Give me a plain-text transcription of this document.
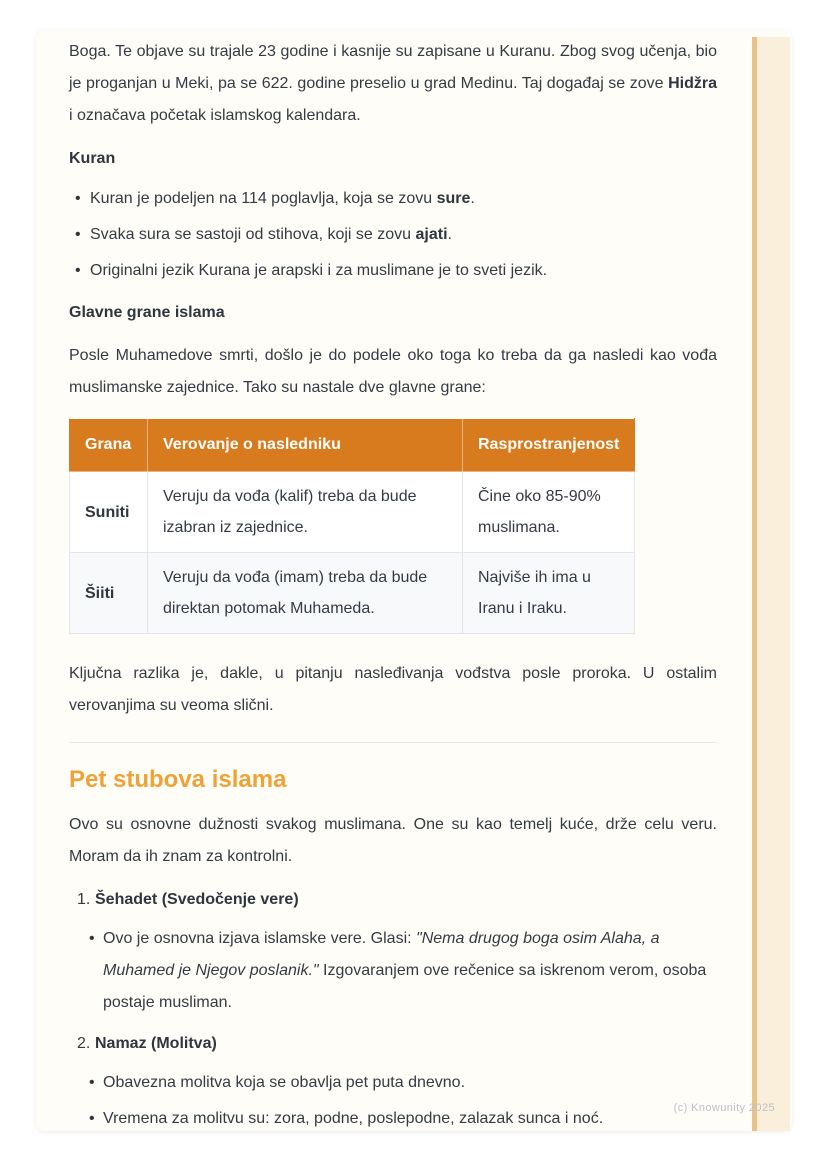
Boga. Te objave su trajale 23 godine i kasnije su zapisane u Kuranu. Zbog svog učenja, bio je proganjan u Meki, pa se 622. godine preselio u grad Medinu. Taj događaj se zove Hidžra i označava početak islamskog kalendara.

Kuran
• Kuran je podeljen na 114 poglavlja, koja se zovu sure.
• Svaka sura se sastoji od stihova, koji se zovu ajati.
• Originalni jezik Kurana je arapski i za muslimane je to sveti jezik.
Glavne grane islama

Posle Muhamedove smrti, došlo je do podele oko toga ko treba da ga nasledi kao vođa muslimanske zajednice. Tako su nastale dve glavne grane:

Grana	Verovanje o nasledniku	Rasprostranjenost
Suniti	Veruju da vođa (kalif) treba da bude izabran iz zajednice.	Čine oko 85-90% muslimana.
Šiiti	Veruju da vođa (imam) treba da bude direktan potomak Muhameda.	Najviše ih ima u Iranu i Iraku.

Ključna razlika je, dakle, u pitanju nasleđivanja vođstva posle proroka. U ostalim verovanjima su veoma slični.

Pet stubova islama

Ovo su osnovne dužnosti svakog muslimana. One su kao temelj kuće, drže celu veru. Moram da ih znam za kontrolni.

1. Šehadet (Svedočenje vere)
• Ovo je osnovna izjava islamske vere. Glasi: "Nema drugog boga osim Alaha, a Muhamed je Njegov poslanik." Izgovaranjem ove rečenice sa iskrenom verom, osoba postaje musliman.
2. Namaz (Molitva)
• Obavezna molitva koja se obavlja pet puta dnevno.
• Vremena za molitvu su: zora, podne, poslepodne, zalazak sunca i noć.
(c) Knowunity 2025
